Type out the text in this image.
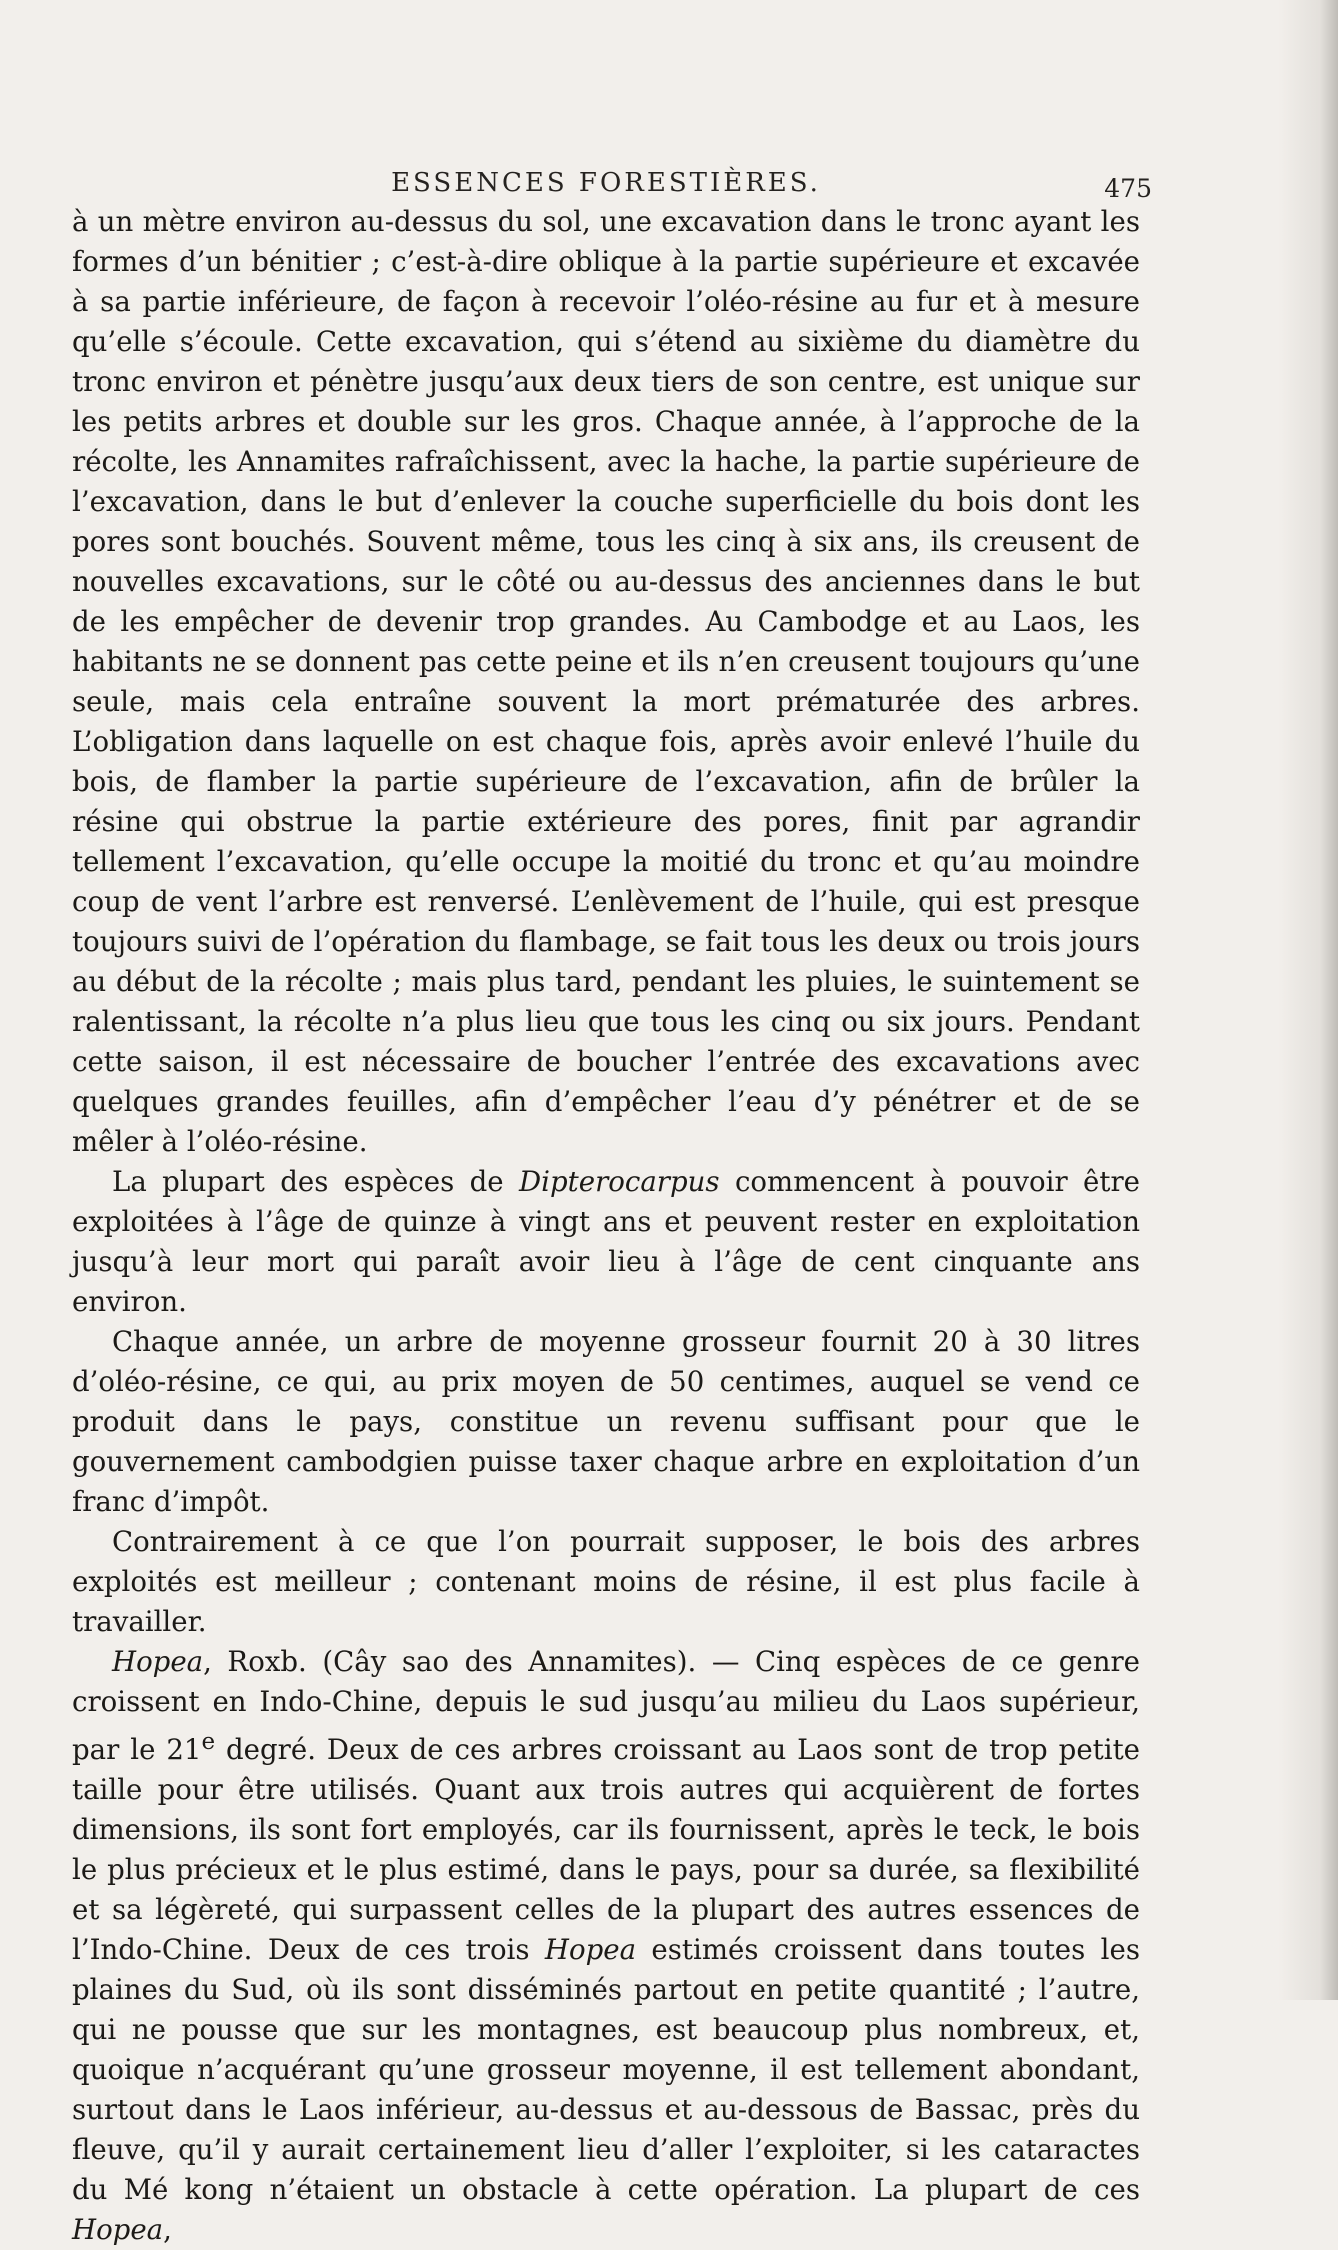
ESSENCES FORESTIÈRES.	475

à un mètre environ au-dessus du sol, une excavation dans le tronc ayant les formes d’un bénitier ; c’est-à-dire oblique à la partie supérieure et excavée à sa partie inférieure, de façon à recevoir l’oléo-résine au fur et à mesure qu’elle s’écoule. Cette excavation, qui s’étend au sixième du diamètre du tronc environ et pénètre jusqu’aux deux tiers de son centre, est unique sur les petits arbres et double sur les gros. Chaque année, à l’approche de la récolte, les Annamites rafraîchissent, avec la hache, la partie supérieure de l’excavation, dans le but d’enlever la couche superficielle du bois dont les pores sont bouchés. Souvent même, tous les cinq à six ans, ils creusent de nouvelles excavations, sur le côté ou au-dessus des anciennes dans le but de les empêcher de devenir trop grandes. Au Cambodge et au Laos, les habitants ne se donnent pas cette peine et ils n’en creusent toujours qu’une seule, mais cela entraîne souvent la mort prématurée des arbres. L’obligation dans laquelle on est chaque fois, après avoir enlevé l’huile du bois, de flamber la partie supérieure de l’excavation, afin de brûler la résine qui obstrue la partie extérieure des pores, finit par agrandir tellement l’excavation, qu’elle occupe la moitié du tronc et qu’au moindre coup de vent l’arbre est renversé. L’enlèvement de l’huile, qui est presque toujours suivi de l’opération du flambage, se fait tous les deux ou trois jours au début de la récolte ; mais plus tard, pendant les pluies, le suintement se ralentissant, la récolte n’a plus lieu que tous les cinq ou six jours. Pendant cette saison, il est nécessaire de boucher l’entrée des excavations avec quelques grandes feuilles, afin d’empêcher l’eau d’y pénétrer et de se mêler à l’oléo-résine.

La plupart des espèces de Dipterocarpus commencent à pouvoir être exploitées à l’âge de quinze à vingt ans et peuvent rester en exploitation jusqu’à leur mort qui paraît avoir lieu à l’âge de cent cinquante ans environ.

Chaque année, un arbre de moyenne grosseur fournit 20 à 30 litres d’oléo-résine, ce qui, au prix moyen de 50 centimes, auquel se vend ce produit dans le pays, constitue un revenu suffisant pour que le gouvernement cambodgien puisse taxer chaque arbre en exploitation d’un franc d’impôt.

Contrairement à ce que l’on pourrait supposer, le bois des arbres exploités est meilleur ; contenant moins de résine, il est plus facile à travailler.

Hopea, Roxb. (Cây sao des Annamites). — Cinq espèces de ce genre croissent en Indo-Chine, depuis le sud jusqu’au milieu du Laos supérieur, par le 21e degré. Deux de ces arbres croissant au Laos sont de trop petite taille pour être utilisés. Quant aux trois autres qui acquièrent de fortes dimensions, ils sont fort employés, car ils fournissent, après le teck, le bois le plus précieux et le plus estimé, dans le pays, pour sa durée, sa flexibilité et sa légèreté, qui surpassent celles de la plupart des autres essences de l’Indo-Chine. Deux de ces trois Hopea estimés croissent dans toutes les plaines du Sud, où ils sont disséminés partout en petite quantité ; l’autre, qui ne pousse que sur les montagnes, est beaucoup plus nombreux, et, quoique n’acquérant qu’une grosseur moyenne, il est tellement abondant, surtout dans le Laos inférieur, au-dessus et au-dessous de Bassac, près du fleuve, qu’il y aurait certainement lieu d’aller l’exploiter, si les cataractes du Mé kong n’étaient un obstacle à cette opération. La plupart de ces Hopea,
